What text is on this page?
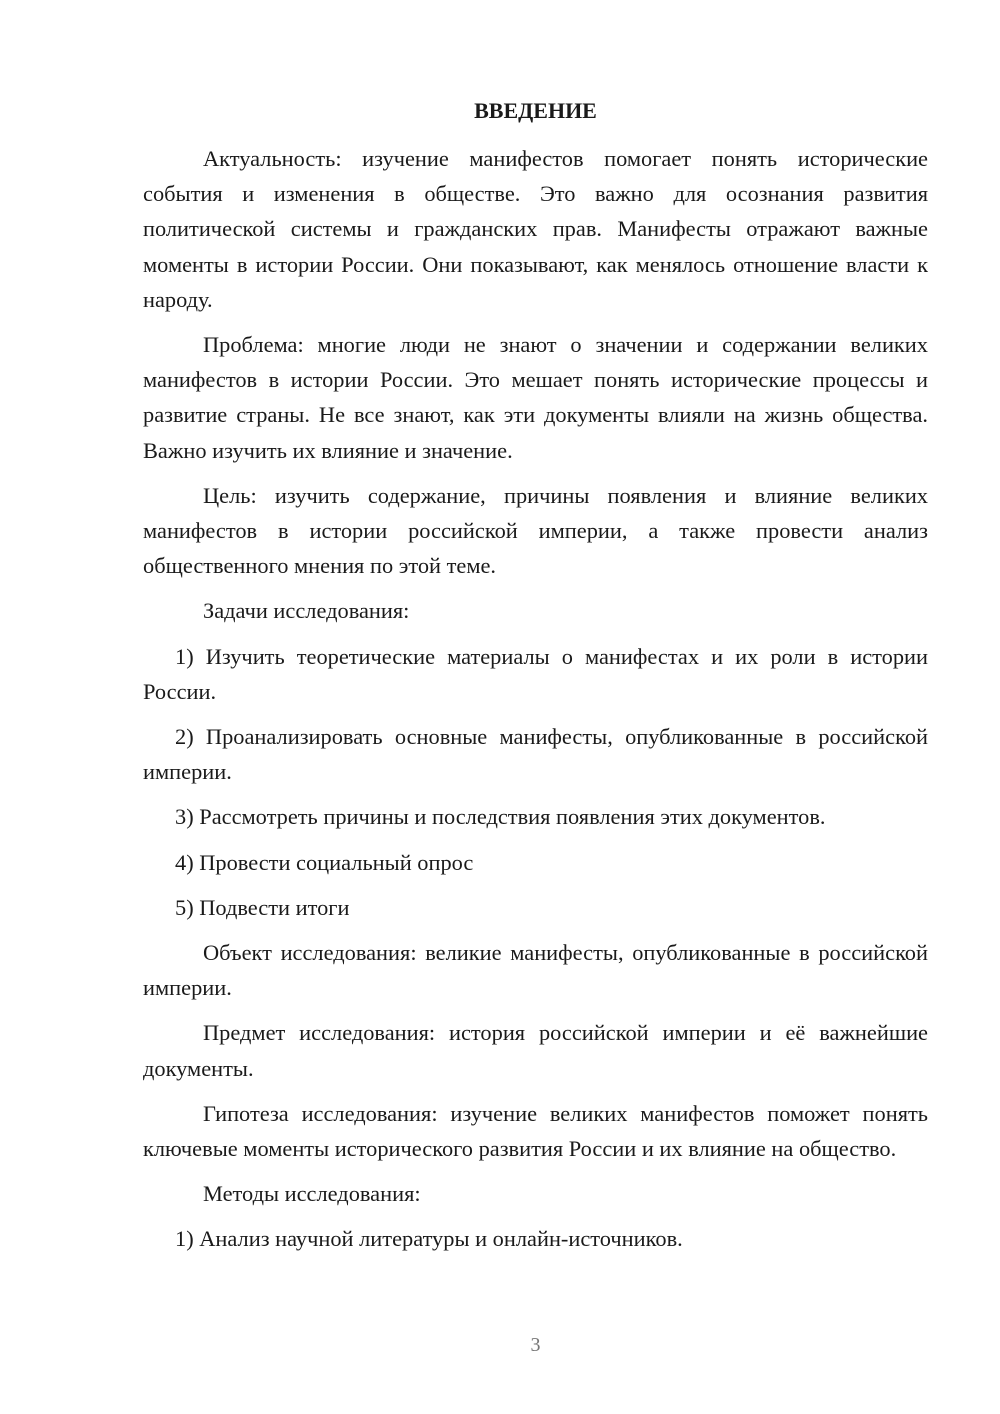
ВВЕДЕНИЕ

Актуальность: изучение манифестов помогает понять исторические события и изменения в обществе. Это важно для осознания развития политической системы и гражданских прав. Манифесты отражают важные моменты в истории России. Они показывают, как менялось отношение власти к народу.

Проблема: многие люди не знают о значении и содержании великих манифестов в истории России. Это мешает понять исторические процессы и развитие страны. Не все знают, как эти документы влияли на жизнь общества. Важно изучить их влияние и значение.

Цель: изучить содержание, причины появления и влияние великих манифестов в истории российской империи, а также провести анализ общественного мнения по этой теме.

Задачи исследования:

1) Изучить теоретические материалы о манифестах и их роли в истории России.

2) Проанализировать основные манифесты, опубликованные в российской империи.

3) Рассмотреть причины и последствия появления этих документов.

4) Провести социальный опрос

5) Подвести итоги

Объект исследования: великие манифесты, опубликованные в российской империи.

Предмет исследования: история российской империи и её важнейшие документы.

Гипотеза исследования: изучение великих манифестов поможет понять ключевые моменты исторического развития России и их влияние на общество.

Методы исследования:

1) Анализ научной литературы и онлайн-источников.

3
